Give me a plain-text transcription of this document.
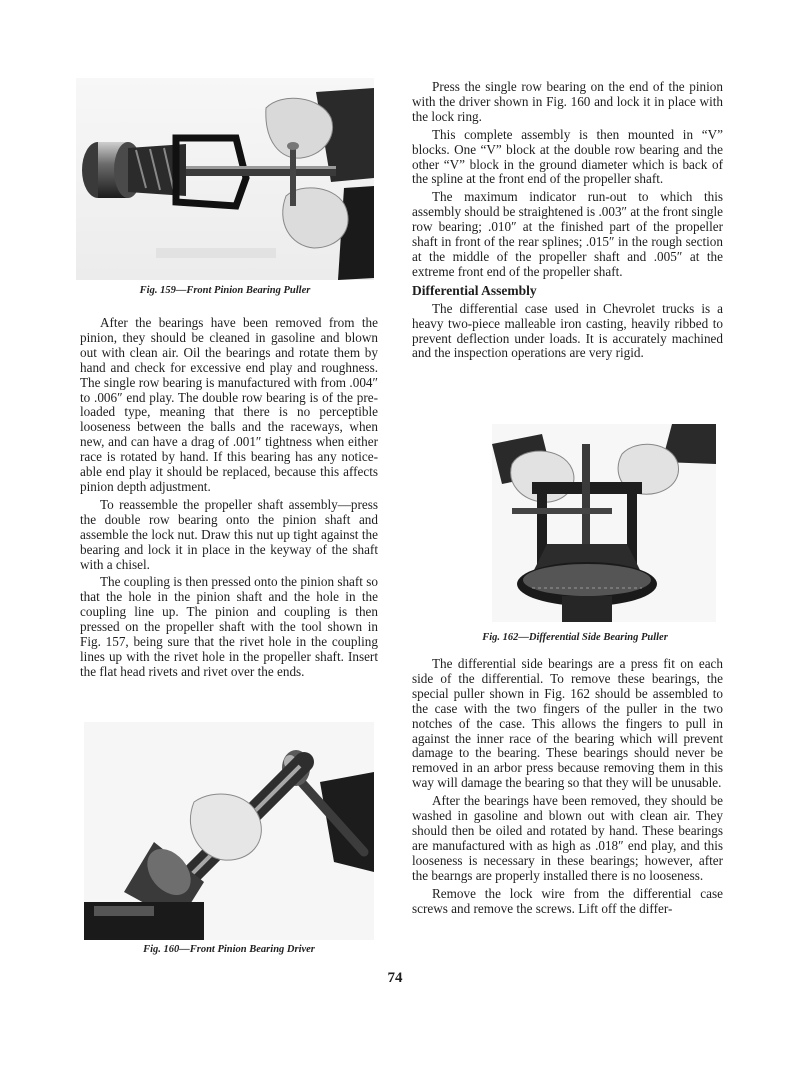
Fig. 159—Front Pinion Bearing Puller

After the bearings have been removed from the pinion, they should be cleaned in gasoline and blown out with clean air. Oil the bearings and rotate them by hand and check for excessive end play and roughness. The single row bearing is manufactured with from .004″ to .006″ end play. The double row bearing is of the pre-loaded type, meaning that there is no perceptible looseness between the balls and the raceways, when new, and can have a drag of .001″ tightness when either race is rotated by hand. If this bearing has any noticeable end play it should be replaced, because this affects pinion depth adjustment.

To reassemble the propeller shaft assembly—press the double row bearing onto the pinion shaft and assemble the lock nut. Draw this nut up tight against the bearing and lock it in place in the keyway of the shaft with a chisel.

The coupling is then pressed onto the pinion shaft so that the hole in the pinion shaft and the hole in the coupling line up. The pinion and coupling is then pressed on the propeller shaft with the tool shown in Fig. 157, being sure that the rivet hole in the coupling lines up with the rivet hole in the propeller shaft. Insert the flat head rivets and rivet over the ends.

Fig. 160—Front Pinion Bearing Driver

Press the single row bearing on the end of the pinion with the driver shown in Fig. 160 and lock it in place with the lock ring.

This complete assembly is then mounted in “V” blocks. One “V” block at the double row bearing and the other “V” block in the ground diameter which is back of the spline at the front end of the propeller shaft.

The maximum indicator run-out to which this assembly should be straightened is .003″ at the front single row bearing; .010″ at the finished part of the propeller shaft in front of the rear splines; .015″ in the rough section at the middle of the propeller shaft and .005″ at the extreme front end of the propeller shaft.

Differential Assembly

The differential case used in Chevrolet trucks is a heavy two-piece malleable iron casting, heavily ribbed to prevent deflection under loads. It is accurately machined and the inspection operations are very rigid.

Fig. 162—Differential Side Bearing Puller

The differential side bearings are a press fit on each side of the differential. To remove these bearings, the special puller shown in Fig. 162 should be assembled to the case with the two fingers of the puller in the two notches of the case. This allows the fingers to pull in against the inner race of the bearing which will prevent damage to the bearing. These bearings should never be removed in an arbor press because removing them in this way will damage the bearing so that they will be unusable.

After the bearings have been removed, they should be washed in gasoline and blown out with clean air. They should then be oiled and rotated by hand. These bearings are manufactured with as high as .018″ end play, and this looseness is necessary in these bearings; however, after the bearngs are properly installed there is no looseness.

Remove the lock wire from the differential case screws and remove the screws. Lift off the differ-

74
